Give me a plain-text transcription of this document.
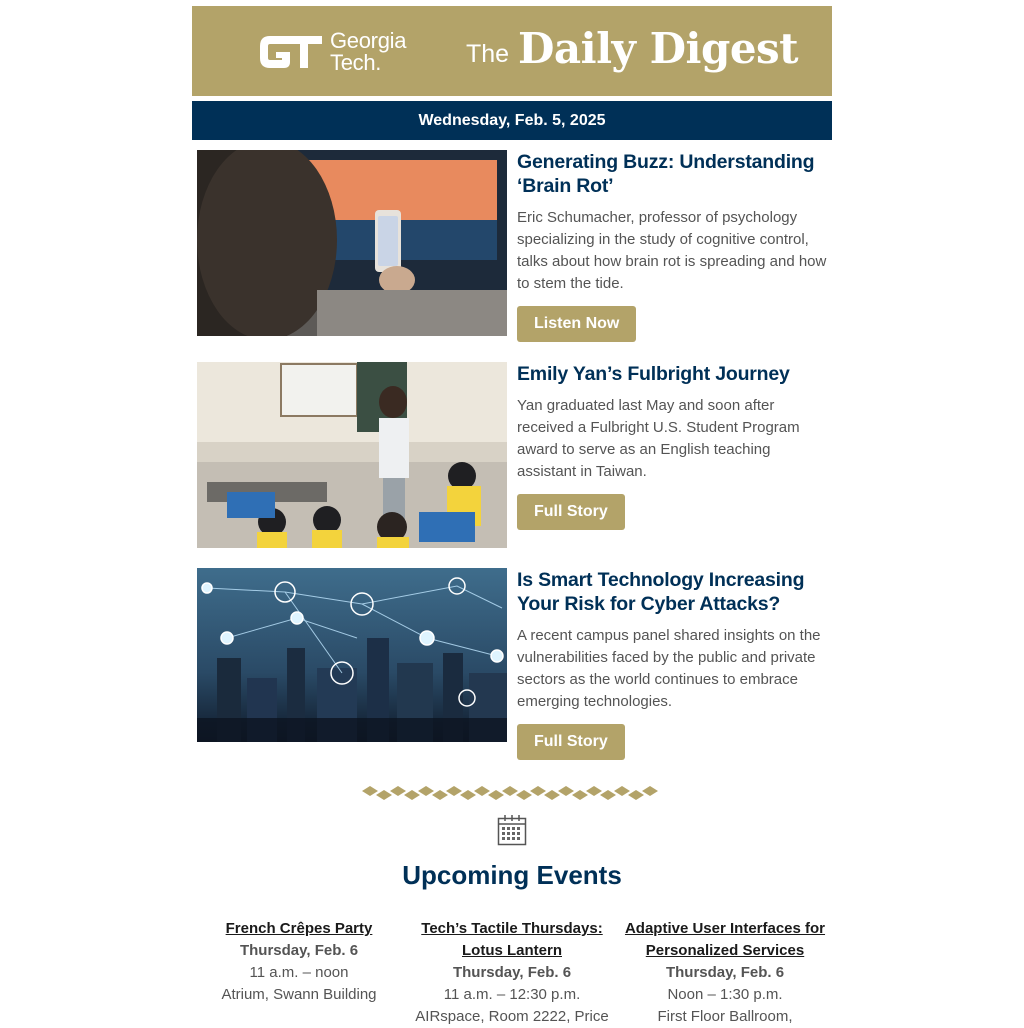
Georgia
Tech.	The Daily Digest
Wednesday, Feb. 5, 2025
Generating Buzz: Understanding ‘Brain Rot’

Eric Schumacher, professor of psychology specializing in the study of cognitive control, talks about how brain rot is spreading and how to stem the tide.

Listen Now
Emily Yan’s Fulbright Journey

Yan graduated last May and soon after received a Fulbright U.S. Student Program award to serve as an English teaching assistant in Taiwan.

Full Story
Is Smart Technology Increasing Your Risk for Cyber Attacks?

A recent campus panel shared insights on the vulnerabilities faced by the public and private sectors as the world continues to embrace emerging technologies.

Full Story
Upcoming Events
French Crêpes Party
Thursday, Feb. 6
11 a.m. – noon
Atrium, Swann Building
Tech’s Tactile Thursdays: Lotus Lantern
Thursday, Feb. 6
11 a.m. – 12:30 p.m.
AIRspace, Room 2222, Price
Adaptive User Interfaces for Personalized Services
Thursday, Feb. 6
Noon – 1:30 p.m.
First Floor Ballroom,
